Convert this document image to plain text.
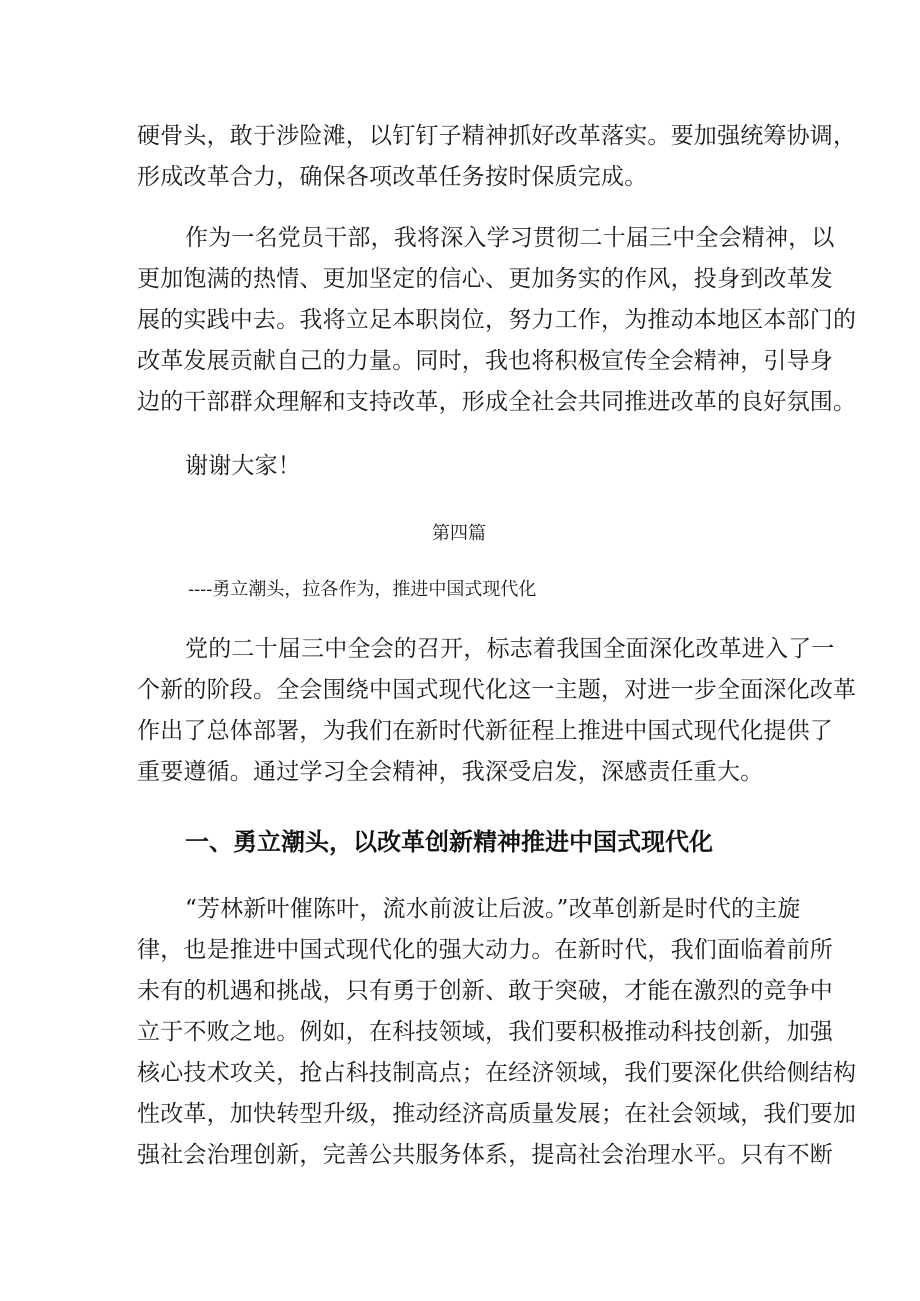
硬骨头，敢于涉险滩，以钉钉子精神抓好改革落实。要加强统筹协调，
形成改革合力，确保各项改革任务按时保质完成。
作为一名党员干部，我将深入学习贯彻二十届三中全会精神，以
更加饱满的热情、更加坚定的信心、更加务实的作风，投身到改革发
展的实践中去。我将立足本职岗位，努力工作，为推动本地区本部门的
改革发展贡献自己的力量。同时，我也将积极宣传全会精神，引导身
边的干部群众理解和支持改革，形成全社会共同推进改革的良好氛围。
谢谢大家！
第四篇
----勇立潮头，拉各作为，推进中国式现代化
党的二十届三中全会的召开，标志着我国全面深化改革进入了一
个新的阶段。全会围绕中国式现代化这一主题，对进一步全面深化改革
作出了总体部署，为我们在新时代新征程上推进中国式现代化提供了
重要遵循。通过学习全会精神，我深受启发，深感责任重大。
一、勇立潮头，以改革创新精神推进中国式现代化
“芳林新叶催陈叶，流水前波让后波。”改革创新是时代的主旋
律，也是推进中国式现代化的强大动力。在新时代，我们面临着前所
未有的机遇和挑战，只有勇于创新、敢于突破，才能在激烈的竞争中
立于不败之地。例如，在科技领域，我们要积极推动科技创新，加强
核心技术攻关，抢占科技制高点；在经济领域，我们要深化供给侧结构
性改革，加快转型升级，推动经济高质量发展；在社会领域，我们要加
强社会治理创新，完善公共服务体系，提高社会治理水平。只有不断
